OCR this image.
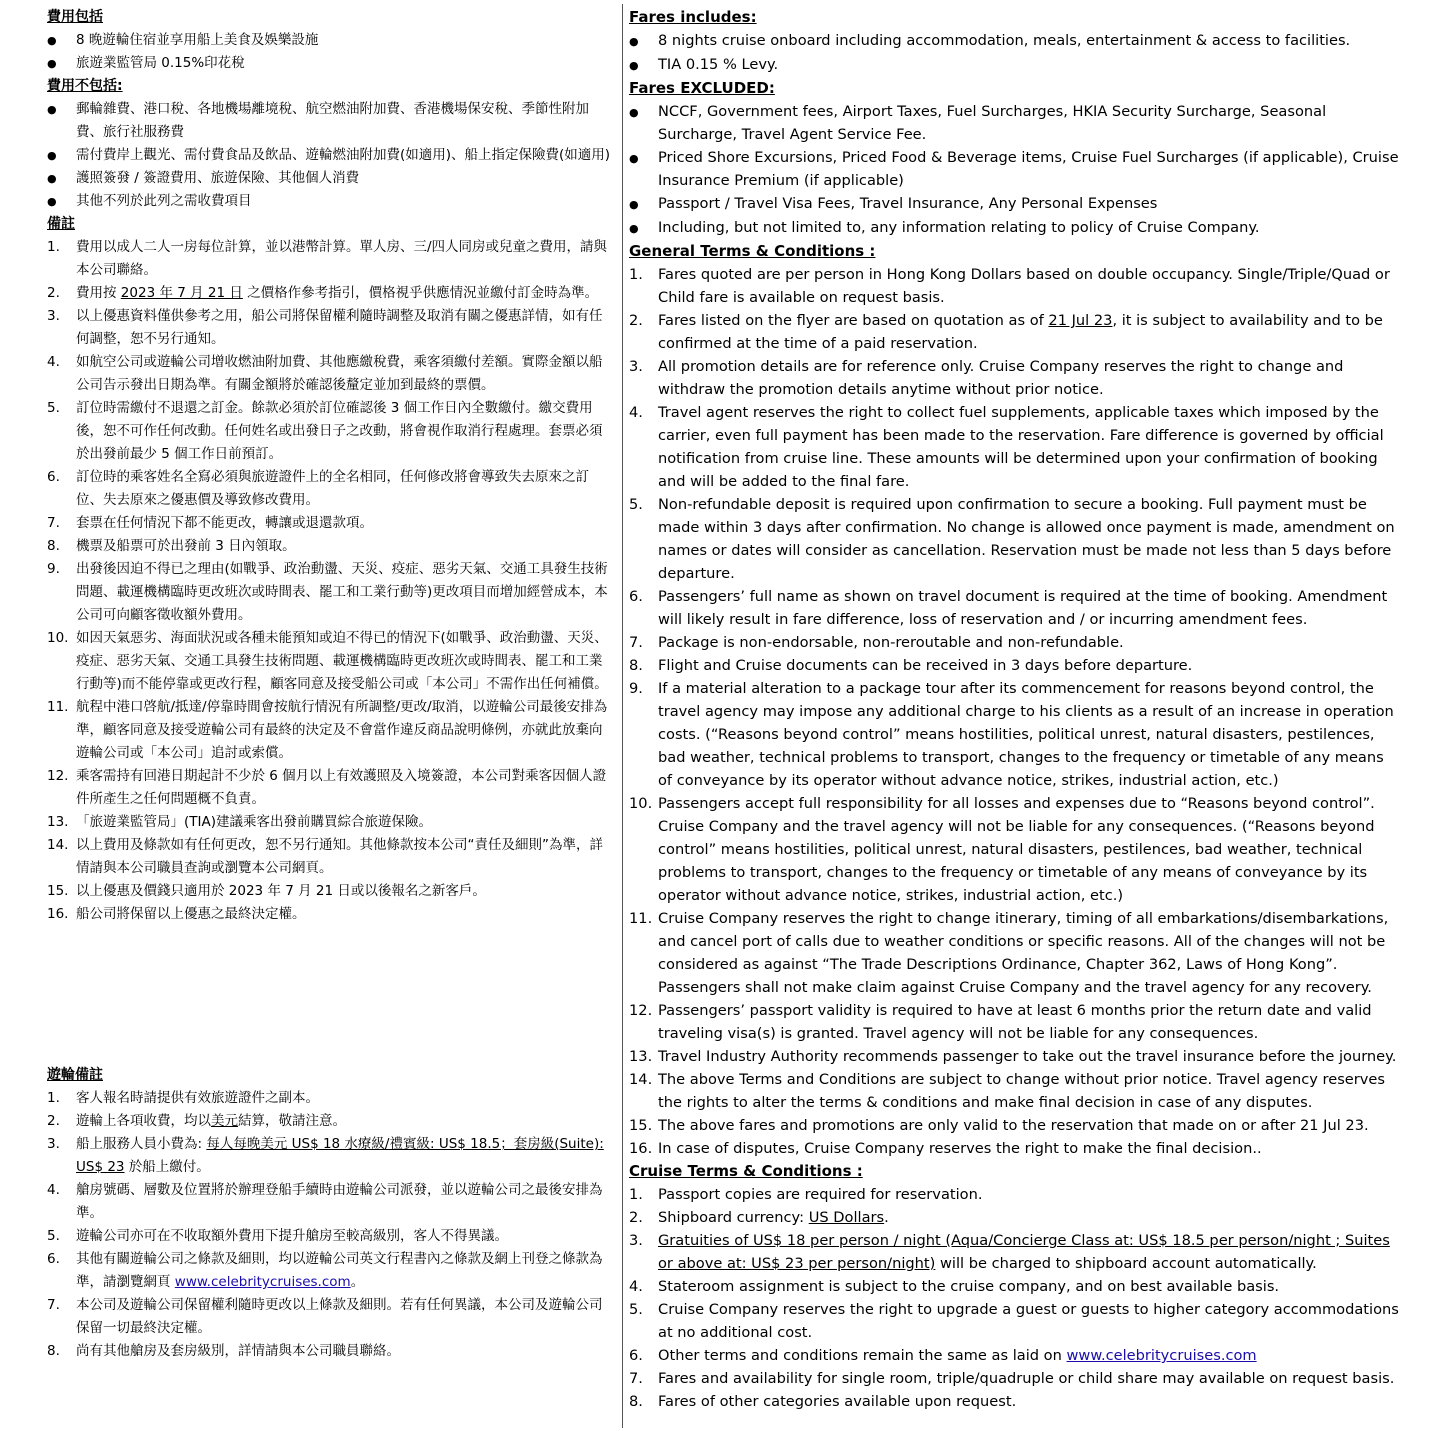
費用包括
●
8 晚遊輪住宿並享用船上美食及娛樂設施
●
旅遊業監管局 0.15%印花稅
費用不包括:
●
郵輪雜費、港口稅、各地機場離境稅、航空燃油附加費、香港機場保安稅、季節性附加費、旅行社服務費
●
需付費岸上觀光、需付費食品及飲品、遊輪燃油附加費(如適用)、船上指定保險費(如適用)
●
護照簽發 / 簽證費用、旅遊保險、其他個人消費
●
其他不列於此列之需收費項目
備註
1.	費用以成人二人一房每位計算，並以港幣計算。單人房、三/四人同房或兒童之費用，請與本公司聯絡。
2.	費用按 2023 年 7 月 21 日 之價格作參考指引，價格視乎供應情況並繳付訂金時為準。
3.	以上優惠資料僅供參考之用，船公司將保留權利隨時調整及取消有關之優惠詳情，如有任何調整，恕不另行通知。
4.	如航空公司或遊輪公司增收燃油附加費、其他應繳稅費，乘客須繳付差額。實際金額以船公司告示發出日期為準。有關金額將於確認後釐定並加到最終的票價。
5.	訂位時需繳付不退還之訂金。餘款必須於訂位確認後 3 個工作日內全數繳付。繳交費用後，恕不可作任何改動。任何姓名或出發日子之改動，將會視作取消行程處理。套票必須於出發前最少 5 個工作日前預訂。
6.	訂位時的乘客姓名全寫必須與旅遊證件上的全名相同，任何修改將會導致失去原來之訂位、失去原來之優惠價及導致修改費用。
7.	套票在任何情況下都不能更改，轉讓或退還款項。
8.	機票及船票可於出發前 3 日內領取。
9.	出發後因迫不得已之理由(如戰爭、政治動盪、天災、疫症、惡劣天氣、交通工具發生技術問題、載運機構臨時更改班次或時間表、罷工和工業行動等)更改項目而增加經營成本，本公司可向顧客徵收額外費用。
10. 如因天氣惡劣、海面狀況或各種未能預知或迫不得已的情況下(如戰爭、政治動盪、天災、疫症、惡劣天氣、交通工具發生技術問題、載運機構臨時更改班次或時間表、罷工和工業行動等)而不能停靠或更改行程，顧客同意及接受船公司或「本公司」不需作出任何補償。
11. 航程中港口啓航/抵達/停靠時間會按航行情況有所調整/更改/取消，以遊輪公司最後安排為準，顧客同意及接受遊輪公司有最終的決定及不會當作違反商品說明條例，亦就此放棄向遊輪公司或「本公司」追討或索償。
12. 乘客需持有回港日期起計不少於 6 個月以上有效護照及入境簽證，本公司對乘客因個人證件所產生之任何問題概不負責。
13. 「旅遊業監管局」(TIA)建議乘客出發前購買綜合旅遊保險。
14. 以上費用及條款如有任何更改，恕不另行通知。其他條款按本公司“責任及細則”為準，詳情請與本公司職員查詢或瀏覽本公司網頁。
15. 以上優惠及價錢只適用於 2023 年 7 月 21 日或以後報名之新客戶。
16. 船公司將保留以上優惠之最終決定權。
遊輪備註
1.	客人報名時請提供有效旅遊證件之副本。
2.	遊輪上各項收費，均以美元結算，敬請注意。
3.	船上服務人員小費為: 每人每晚美元 US$ 18 水療級/禮賓級: US$ 18.5；套房級(Suite): US$ 23 於船上繳付。
4.	艙房號碼、層數及位置將於辦理登船手續時由遊輪公司派發，並以遊輪公司之最後安排為準。
5.	遊輪公司亦可在不收取額外費用下提升艙房至較高級別，客人不得異議。
6.	其他有關遊輪公司之條款及細則，均以遊輪公司英文行程書內之條款及網上刊登之條款為準，請瀏覽網頁 www.celebritycruises.com。
7.	本公司及遊輪公司保留權利隨時更改以上條款及細則。若有任何異議，本公司及遊輪公司保留一切最終決定權。
8.	尚有其他艙房及套房級別，詳情請與本公司職員聯絡。
Fares includes:
●
8 nights cruise onboard including accommodation, meals, entertainment & access to facilities.
●
TIA 0.15 % Levy.
Fares EXCLUDED:
●
NCCF, Government fees, Airport Taxes, Fuel Surcharges, HKIA Security Surcharge, Seasonal Surcharge, Travel Agent Service Fee.
●
Priced Shore Excursions, Priced Food & Beverage items, Cruise Fuel Surcharges (if applicable), Cruise Insurance Premium (if applicable)
●
Passport / Travel Visa Fees, Travel Insurance, Any Personal Expenses
●
Including, but not limited to, any information relating to policy of Cruise Company.
General Terms & Conditions :
1.	Fares quoted are per person in Hong Kong Dollars based on double occupancy. Single/Triple/Quad or Child fare is available on request basis.
2.	Fares listed on the flyer are based on quotation as of 21 Jul 23, it is subject to availability and to be confirmed at the time of a paid reservation.
3.	All promotion details are for reference only. Cruise Company reserves the right to change and withdraw the promotion details anytime without prior notice.
4.	Travel agent reserves the right to collect fuel supplements, applicable taxes which imposed by the carrier, even full payment has been made to the reservation. Fare difference is governed by official notification from cruise line. These amounts will be determined upon your confirmation of booking and will be added to the final fare.
5.	Non-refundable deposit is required upon confirmation to secure a booking. Full payment must be made within 3 days after confirmation. No change is allowed once payment is made, amendment on names or dates will consider as cancellation. Reservation must be made not less than 5 days before departure.
6.	Passengers’ full name as shown on travel document is required at the time of booking. Amendment will likely result in fare difference, loss of reservation and / or incurring amendment fees.
7.	Package is non-endorsable, non-reroutable and non-refundable.
8.	Flight and Cruise documents can be received in 3 days before departure.
9.	If a material alteration to a package tour after its commencement for reasons beyond control, the travel agency may impose any additional charge to his clients as a result of an increase in operation costs. (“Reasons beyond control” means hostilities, political unrest, natural disasters, pestilences, bad weather, technical problems to transport, changes to the frequency or timetable of any means of conveyance by its operator without advance notice, strikes, industrial action, etc.)
10. Passengers accept full responsibility for all losses and expenses due to “Reasons beyond control”. Cruise Company and the travel agency will not be liable for any consequences. (“Reasons beyond control” means hostilities, political unrest, natural disasters, pestilences, bad weather, technical problems to transport, changes to the frequency or timetable of any means of conveyance by its operator without advance notice, strikes, industrial action, etc.)
11. Cruise Company reserves the right to change itinerary, timing of all embarkations/disembarkations, and cancel port of calls due to weather conditions or specific reasons. All of the changes will not be considered as against “The Trade Descriptions Ordinance, Chapter 362, Laws of Hong Kong”. Passengers shall not make claim against Cruise Company and the travel agency for any recovery.
12. Passengers’ passport validity is required to have at least 6 months prior the return date and valid traveling visa(s) is granted. Travel agency will not be liable for any consequences.
13. Travel Industry Authority recommends passenger to take out the travel insurance before the journey.
14. The above Terms and Conditions are subject to change without prior notice. Travel agency reserves the rights to alter the terms & conditions and make final decision in case of any disputes.
15. The above fares and promotions are only valid to the reservation that made on or after 21 Jul 23.
16. In case of disputes, Cruise Company reserves the right to make the final decision..
Cruise Terms & Conditions :
1.	Passport copies are required for reservation.
2.	Shipboard currency: US Dollars.
3.	Gratuities of US$ 18 per person / night (Aqua/Concierge Class at: US$ 18.5 per person/night ; Suites or above at: US$ 23 per person/night) will be charged to shipboard account automatically.
4.	Stateroom assignment is subject to the cruise company, and on best available basis.
5.	Cruise Company reserves the right to upgrade a guest or guests to higher category accommodations at no additional cost.
6.	Other terms and conditions remain the same as laid on www.celebritycruises.com
7.	Fares and availability for single room, triple/quadruple or child share may available on request basis.
8.	Fares of other categories available upon request.
